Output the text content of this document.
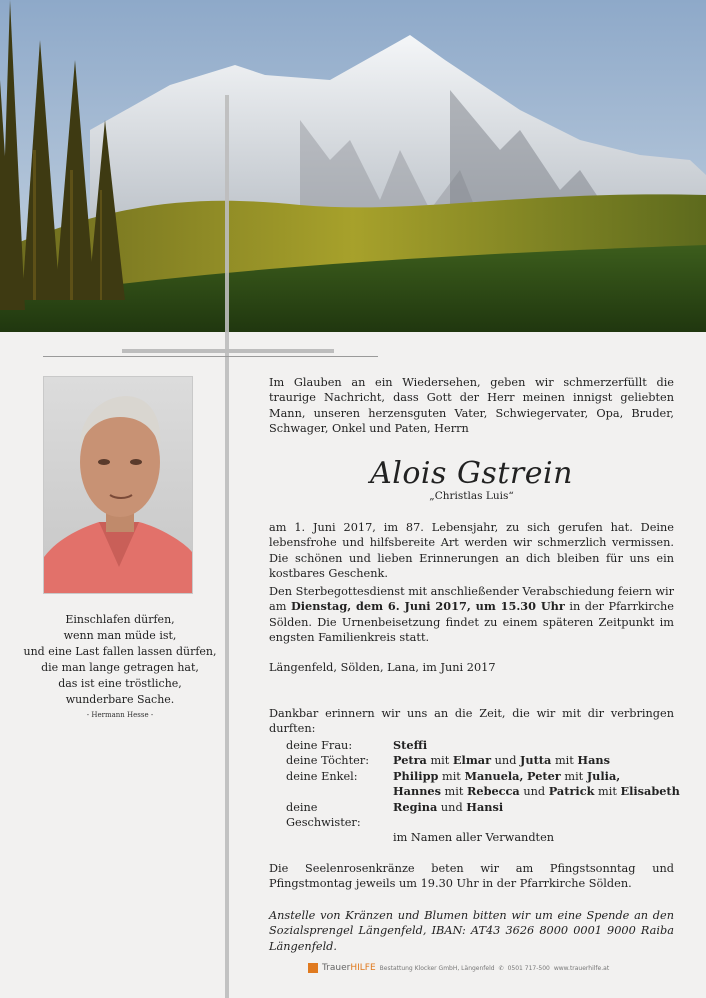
Einschlafen dürfen,
wenn man müde ist,
und eine Last fallen lassen dürfen,
die man lange getragen hat,
das ist eine tröstliche,
wunderbare Sache.
- Hermann Hesse -
Im Glauben an ein Wiedersehen, geben wir schmerzerfüllt die traurige Nachricht, dass Gott der Herr meinen innigst geliebten Mann, unseren herzensguten Vater, Schwiegervater, Opa, Bruder, Schwager, Onkel und Paten, Herrn
Alois Gstrein
„Christlas Luis“
am 1. Juni 2017, im 87. Lebensjahr, zu sich gerufen hat. Deine lebensfrohe und hilfsbereite Art werden wir schmerzlich vermissen. Die schönen und lieben Erinnerungen an dich bleiben für uns ein kostbares Geschenk.
Den Sterbegottesdienst mit anschließender Verabschiedung feiern wir am Dienstag, dem 6. Juni 2017, um 15.30 Uhr in der Pfarrkirche Sölden. Die Urnenbeisetzung findet zu einem späteren Zeitpunkt im engsten Familienkreis statt.
Längenfeld, Sölden, Lana, im Juni 2017
Dankbar erinnern wir uns an die Zeit, die wir mit dir verbringen durften:
deine Frau:	Steffi
deine Töchter:	Petra mit Elmar und Jutta mit Hans
deine Enkel:	Philipp mit Manuela, Peter mit Julia,
Hannes mit Rebecca und Patrick mit Elisabeth
deine Geschwister:
Regina und Hansi
im Namen aller Verwandten
Die Seelenrosenkränze beten wir am Pfingstsonntag und Pfingstmontag jeweils um 19.30 Uhr in der Pfarrkirche Sölden.
Anstelle von Kränzen und Blumen bitten wir um eine Spende an den Sozialsprengel Längenfeld, IBAN: AT43 3626 8000 0001 9000 Raiba Längenfeld.
TrauerHILFE Bestattung Klocker GmbH, Längenfeld ✆ 0501 717-500 www.trauerhilfe.at
